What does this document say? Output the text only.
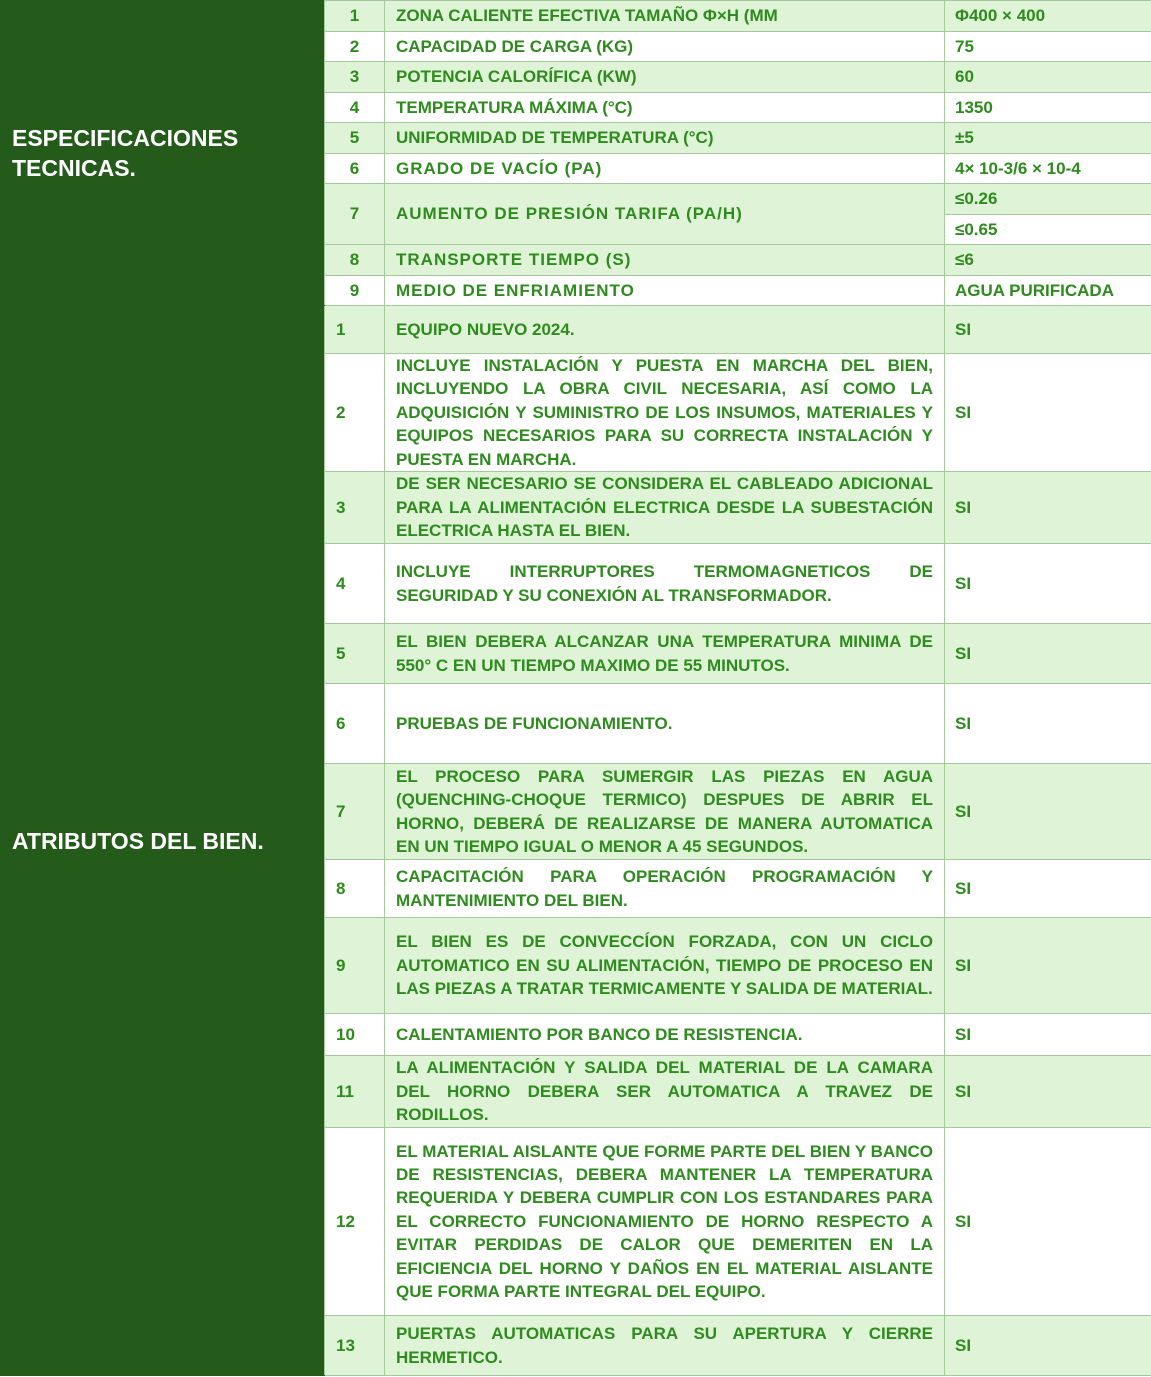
ESPECIFICACIONES TECNICAS.	1	ZONA CALIENTE EFECTIVA TAMAÑO Φ×H (MM	Φ400 × 400
	2	CAPACIDAD DE CARGA (KG)	75
	3	POTENCIA CALORÍFICA (KW)	60
	4	TEMPERATURA MÁXIMA (°C)	1350
	5	UNIFORMIDAD DE TEMPERATURA (°C)	±5
	6	GRADO DE VACÍO (PA)	4× 10-3/6 × 10-4
	7	AUMENTO DE PRESIÓN TARIFA (PA/H)	≤0.26
			≤0.65
	8	TRANSPORTE TIEMPO (S)	≤6
	9	MEDIO DE ENFRIAMIENTO	AGUA PURIFICADA
ATRIBUTOS DEL BIEN.	1	EQUIPO NUEVO 2024.	SI
	2	INCLUYE INSTALACIÓN Y PUESTA EN MARCHA DEL BIEN, INCLUYENDO LA OBRA CIVIL NECESARIA, ASÍ COMO LA ADQUISICIÓN Y SUMINISTRO DE LOS INSUMOS, MATERIALES Y EQUIPOS NECESARIOS PARA SU CORRECTA INSTALACIÓN Y PUESTA EN MARCHA.	SI
	3	DE SER NECESARIO SE CONSIDERA EL CABLEADO ADICIONAL PARA LA ALIMENTACIÓN ELECTRICA DESDE LA SUBESTACIÓN ELECTRICA HASTA EL BIEN.	SI
	4	INCLUYE INTERRUPTORES TERMOMAGNETICOS DE SEGURIDAD Y SU CONEXIÓN AL TRANSFORMADOR.	SI
	5	EL BIEN DEBERA ALCANZAR UNA TEMPERATURA MINIMA DE 550° C EN UN TIEMPO MAXIMO DE 55 MINUTOS.	SI
	6	PRUEBAS DE FUNCIONAMIENTO.	SI
	7	EL PROCESO PARA SUMERGIR LAS PIEZAS EN AGUA (QUENCHING-CHOQUE TERMICO) DESPUES DE ABRIR EL HORNO, DEBERÁ DE REALIZARSE DE MANERA AUTOMATICA EN UN TIEMPO IGUAL O MENOR A 45 SEGUNDOS.	SI
	8	CAPACITACIÓN PARA OPERACIÓN PROGRAMACIÓN Y MANTENIMIENTO DEL BIEN.	SI
	9	EL BIEN ES DE CONVECCÍON FORZADA, CON UN CICLO AUTOMATICO EN SU ALIMENTACIÓN, TIEMPO DE PROCESO EN LAS PIEZAS A TRATAR TERMICAMENTE Y SALIDA DE MATERIAL.	SI
	10	CALENTAMIENTO POR BANCO DE RESISTENCIA.	SI
	11	LA ALIMENTACIÓN Y SALIDA DEL MATERIAL DE LA CAMARA DEL HORNO DEBERA SER AUTOMATICA A TRAVEZ DE RODILLOS.	SI
	12	EL MATERIAL AISLANTE QUE FORME PARTE DEL BIEN Y BANCO DE RESISTENCIAS, DEBERA MANTENER LA TEMPERATURA REQUERIDA Y DEBERA CUMPLIR CON LOS ESTANDARES PARA EL CORRECTO FUNCIONAMIENTO DE HORNO RESPECTO A EVITAR PERDIDAS DE CALOR QUE DEMERITEN EN LA EFICIENCIA DEL HORNO Y DAÑOS EN EL MATERIAL AISLANTE QUE FORMA PARTE INTEGRAL DEL EQUIPO.	SI
	13	PUERTAS AUTOMATICAS PARA SU APERTURA Y CIERRE HERMETICO.	SI
